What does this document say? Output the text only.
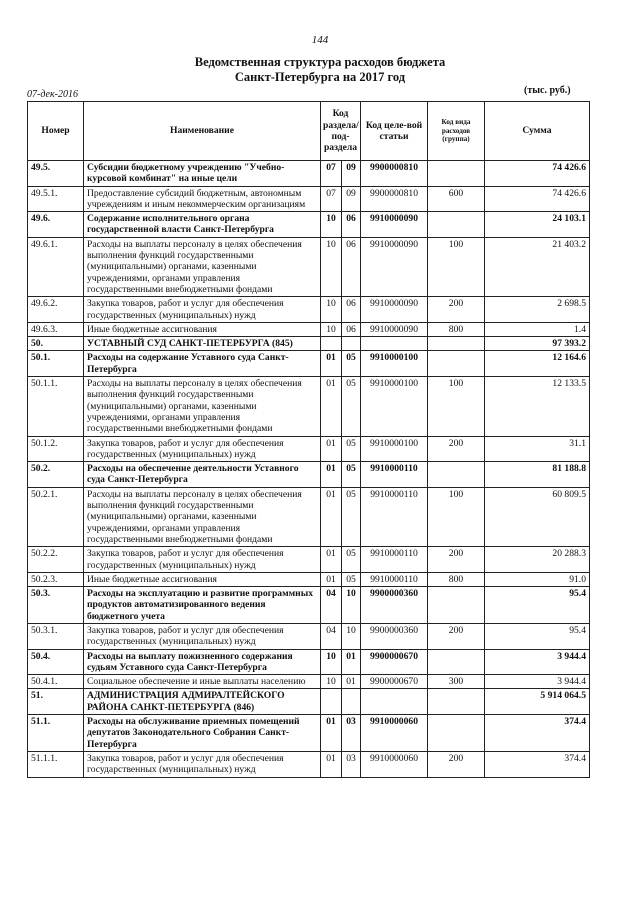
144
Ведомственная структура расходов бюджета
Санкт-Петербурга на 2017 год
07-дек-2016	(тыс. руб.)
Номер	Наименование	Код раздела/ под-раздела		Код целе-вой статьи	Код вида расходов (группа)	Сумма
49.5.	Субсидии бюджетному учреждению "Учебно-курсовой комбинат" на иные цели	07	09	9900000810		74 426.6
49.5.1.	Предоставление субсидий бюджетным, автономным учреждениям и иным некоммерческим организациям	07	09	9900000810	600	74 426.6
49.6.	Содержание исполнительного органа государственной власти Санкт-Петербурга	10	06	9910000090		24 103.1
49.6.1.	Расходы на выплаты персоналу в целях обеспечения выполнения функций государственными (муниципальными) органами, казенными учреждениями, органами управления государственными внебюджетными фондами	10	06	9910000090	100	21 403.2
49.6.2.	Закупка товаров, работ и услуг для обеспечения государственных (муниципальных) нужд	10	06	9910000090	200	2 698.5
49.6.3.	Иные бюджетные ассигнования	10	06	9910000090	800	1.4
50.	УСТАВНЫЙ СУД САНКТ-ПЕТЕРБУРГА (845)					97 393.2
50.1.	Расходы на содержание Уставного суда Санкт-Петербурга	01	05	9910000100		12 164.6
50.1.1.	Расходы на выплаты персоналу в целях обеспечения выполнения функций государственными (муниципальными) органами, казенными учреждениями, органами управления государственными внебюджетными фондами	01	05	9910000100	100	12 133.5
50.1.2.	Закупка товаров, работ и услуг для обеспечения государственных (муниципальных) нужд	01	05	9910000100	200	31.1
50.2.	Расходы на обеспечение деятельности Уставного суда Санкт-Петербурга	01	05	9910000110		81 188.8
50.2.1.	Расходы на выплаты персоналу в целях обеспечения выполнения функций государственными (муниципальными) органами, казенными учреждениями, органами управления государственными внебюджетными фондами	01	05	9910000110	100	60 809.5
50.2.2.	Закупка товаров, работ и услуг для обеспечения государственных (муниципальных) нужд	01	05	9910000110	200	20 288.3
50.2.3.	Иные бюджетные ассигнования	01	05	9910000110	800	91.0
50.3.	Расходы на эксплуатацию и развитие программных продуктов автоматизированного ведения бюджетного учета	04	10	9900000360		95.4
50.3.1.	Закупка товаров, работ и услуг для обеспечения государственных (муниципальных) нужд	04	10	9900000360	200	95.4
50.4.	Расходы на выплату пожизненного содержания судьям Уставного суда Санкт-Петербурга	10	01	9900000670		3 944.4
50.4.1.	Социальное обеспечение и иные выплаты населению	10	01	9900000670	300	3 944.4
51.	АДМИНИСТРАЦИЯ АДМИРАЛТЕЙСКОГО РАЙОНА САНКТ-ПЕТЕРБУРГА (846)					5 914 064.5
51.1.	Расходы на обслуживание приемных помещений депутатов Законодательного Собрания Санкт-Петербурга	01	03	9910000060		374.4
51.1.1.	Закупка товаров, работ и услуг для обеспечения государственных (муниципальных) нужд	01	03	9910000060	200	374.4
